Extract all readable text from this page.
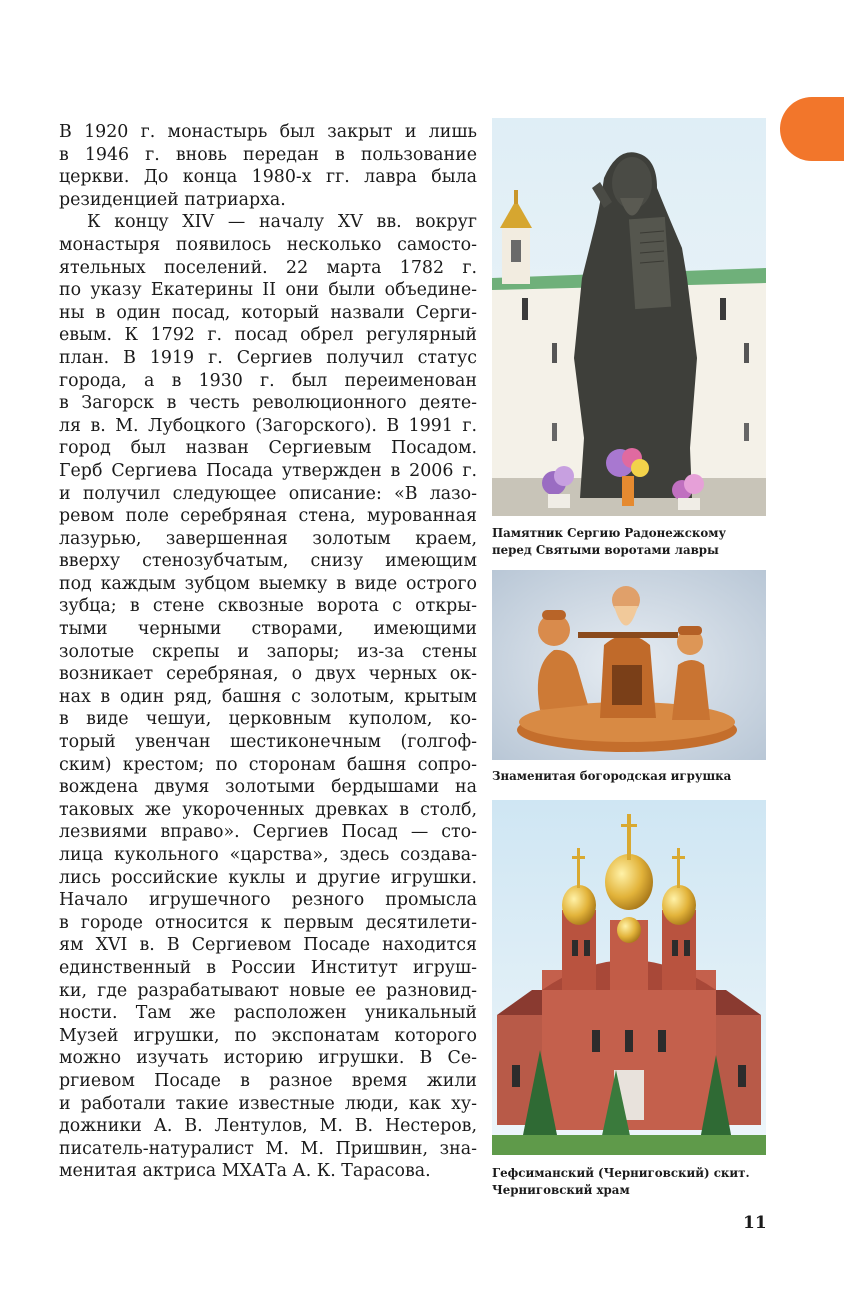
В 1920 г. монастырь был закрыт и лишь
в 1946 г. вновь передан в пользование
церкви. До конца 1980-х гг. лавра была
резиденцией патриарха.
К концу XIV — началу XV вв. вокруг
монастыря появилось несколько самосто-
ятельных поселений. 22 марта 1782 г.
по указу Екатерины II они были объедине-
ны в один посад, который назвали Серги-
евым. К 1792 г. посад обрел регулярный
план. В 1919 г. Сергиев получил статус
города, а в 1930 г. был переименован
в Загорск в честь революционного деяте-
ля в. М. Лубоцкого (Загорского). В 1991 г.
город был назван Сергиевым Посадом.
Герб Сергиева Посада утвержден в 2006 г.
и получил следующее описание: «В лазо-
ревом поле серебряная стена, мурованная
лазурью, завершенная золотым краем,
вверху стенозубчатым, снизу имеющим
под каждым зубцом выемку в виде острого
зубца; в стене сквозные ворота с откры-
тыми черными створами, имеющими
золотые скрепы и запоры; из-за стены
возникает серебряная, о двух черных ок-
нах в один ряд, башня с золотым, крытым
в виде чешуи, церковным куполом, ко-
торый увенчан шестиконечным (голгоф-
ским) крестом; по сторонам башня сопро-
вождена двумя золотыми бердышами на
таковых же укороченных древках в столб,
лезвиями вправо». Сергиев Посад — сто-
лица кукольного «царства», здесь создава-
лись российские куклы и другие игрушки.
Начало игрушечного резного промысла
в городе относится к первым десятилети-
ям XVI в. В Сергиевом Посаде находится
единственный в России Институт игруш-
ки, где разрабатывают новые ее разновид-
ности. Там же расположен уникальный
Музей игрушки, по экспонатам которого
можно изучать историю игрушки. В Се-
ргиевом Посаде в разное время жили
и работали такие известные люди, как ху-
дожники А. В. Лентулов, М. В. Нестеров,
писатель-натуралист М. М. Пришвин, зна-
менитая актриса МХАТа А. К. Тарасова.
Памятник Сергию Радонежскому
перед Святыми воротами лавры
Знаменитая богородская игрушка
Гефсиманский (Черниговский) скит.
Черниговский храм
11
